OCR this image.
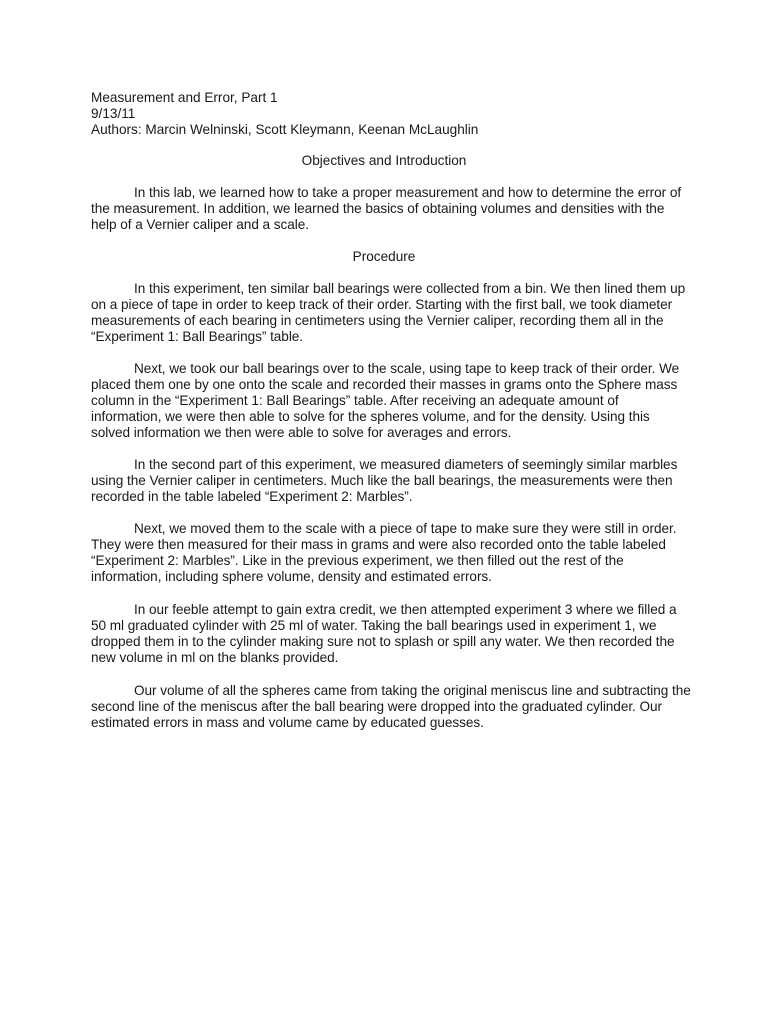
Measurement and Error, Part 1
9/13/11
Authors: Marcin Welninski, Scott Kleymann, Keenan McLaughlin
Objectives and Introduction
In this lab, we learned how to take a proper measurement and how to determine the error of the measurement. In addition, we learned the basics of obtaining volumes and densities with the help of a Vernier caliper and a scale.
Procedure
In this experiment, ten similar ball bearings were collected from a bin. We then lined them up on a piece of tape in order to keep track of their order. Starting with the first ball, we took diameter measurements of each bearing in centimeters using the Vernier caliper, recording them all in the “Experiment 1: Ball Bearings” table.
Next, we took our ball bearings over to the scale, using tape to keep track of their order. We placed them one by one onto the scale and recorded their masses in grams onto the Sphere mass column in the “Experiment 1: Ball Bearings” table. After receiving an adequate amount of information, we were then able to solve for the spheres volume, and for the density. Using this solved information we then were able to solve for averages and errors.
In the second part of this experiment, we measured diameters of seemingly similar marbles using the Vernier caliper in centimeters. Much like the ball bearings, the measurements were then recorded in the table labeled “Experiment 2: Marbles”.
Next, we moved them to the scale with a piece of tape to make sure they were still in order. They were then measured for their mass in grams and were also recorded onto the table labeled “Experiment 2: Marbles”. Like in the previous experiment, we then filled out the rest of the information, including sphere volume, density and estimated errors.
In our feeble attempt to gain extra credit, we then attempted experiment 3 where we filled a 50 ml graduated cylinder with 25 ml of water. Taking the ball bearings used in experiment 1, we dropped them in to the cylinder making sure not to splash or spill any water. We then recorded the new volume in ml on the blanks provided.
Our volume of all the spheres came from taking the original meniscus line and subtracting the second line of the meniscus after the ball bearing were dropped into the graduated cylinder. Our estimated errors in mass and volume came by educated guesses.
